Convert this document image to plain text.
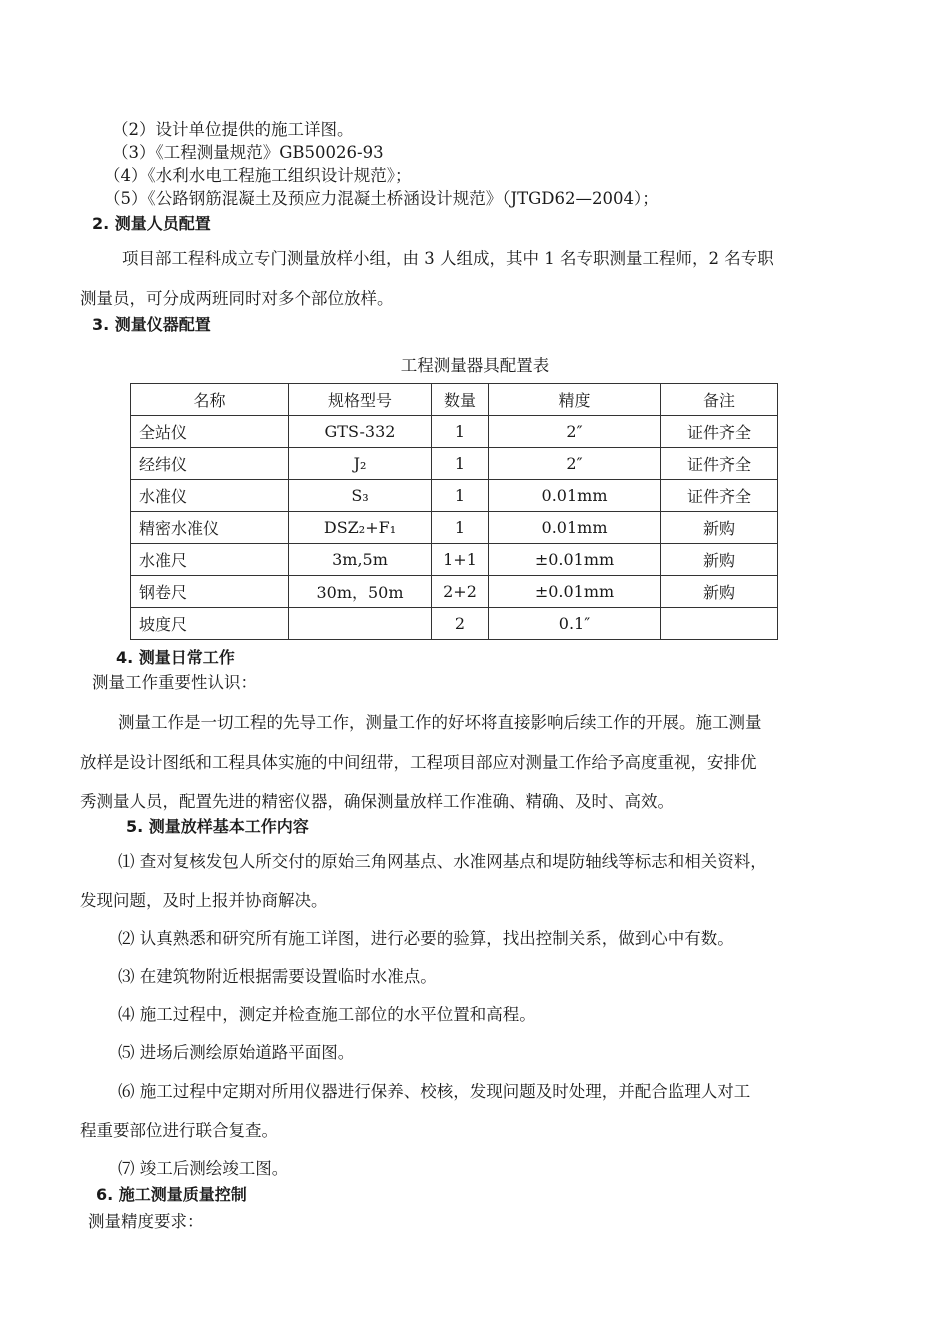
（2）设计单位提供的施工详图。
（3）《工程测量规范》GB50026-93
（4）《水利水电工程施工组织设计规范》；
（5）《公路钢筋混凝土及预应力混凝土桥涵设计规范》（JTGD62—2004）；
2. 测量人员配置
项目部工程科成立专门测量放样小组，由 3 人组成，其中 1 名专职测量工程师，2 名专职
测量员，可分成两班同时对多个部位放样。
3. 测量仪器配置
工程测量器具配置表
名称	规格型号	数量	精度	备注
全站仪	GTS-332	1	2″	证件齐全
经纬仪	J₂	1	2″	证件齐全
水准仪	S₃	1	0.01mm	证件齐全
精密水准仪	DSZ₂+F₁	1	0.01mm	新购
水准尺	3m,5m	1+1	±0.01mm	新购
钢卷尺	30m，50m	2+2	±0.01mm	新购
坡度尺		2	0.1″	
4. 测量日常工作
测量工作重要性认识：
测量工作是一切工程的先导工作，测量工作的好坏将直接影响后续工作的开展。施工测量
放样是设计图纸和工程具体实施的中间纽带，工程项目部应对测量工作给予高度重视，安排优
秀测量人员，配置先进的精密仪器，确保测量放样工作准确、精确、及时、高效。
5. 测量放样基本工作内容
⑴ 查对复核发包人所交付的原始三角网基点、水准网基点和堤防轴线等标志和相关资料，
发现问题，及时上报并协商解决。
⑵ 认真熟悉和研究所有施工详图，进行必要的验算，找出控制关系，做到心中有数。
⑶ 在建筑物附近根据需要设置临时水准点。
⑷ 施工过程中，测定并检查施工部位的水平位置和高程。
⑸ 进场后测绘原始道路平面图。
⑹ 施工过程中定期对所用仪器进行保养、校核，发现问题及时处理，并配合监理人对工
程重要部位进行联合复查。
⑺ 竣工后测绘竣工图。
6. 施工测量质量控制
测量精度要求：
